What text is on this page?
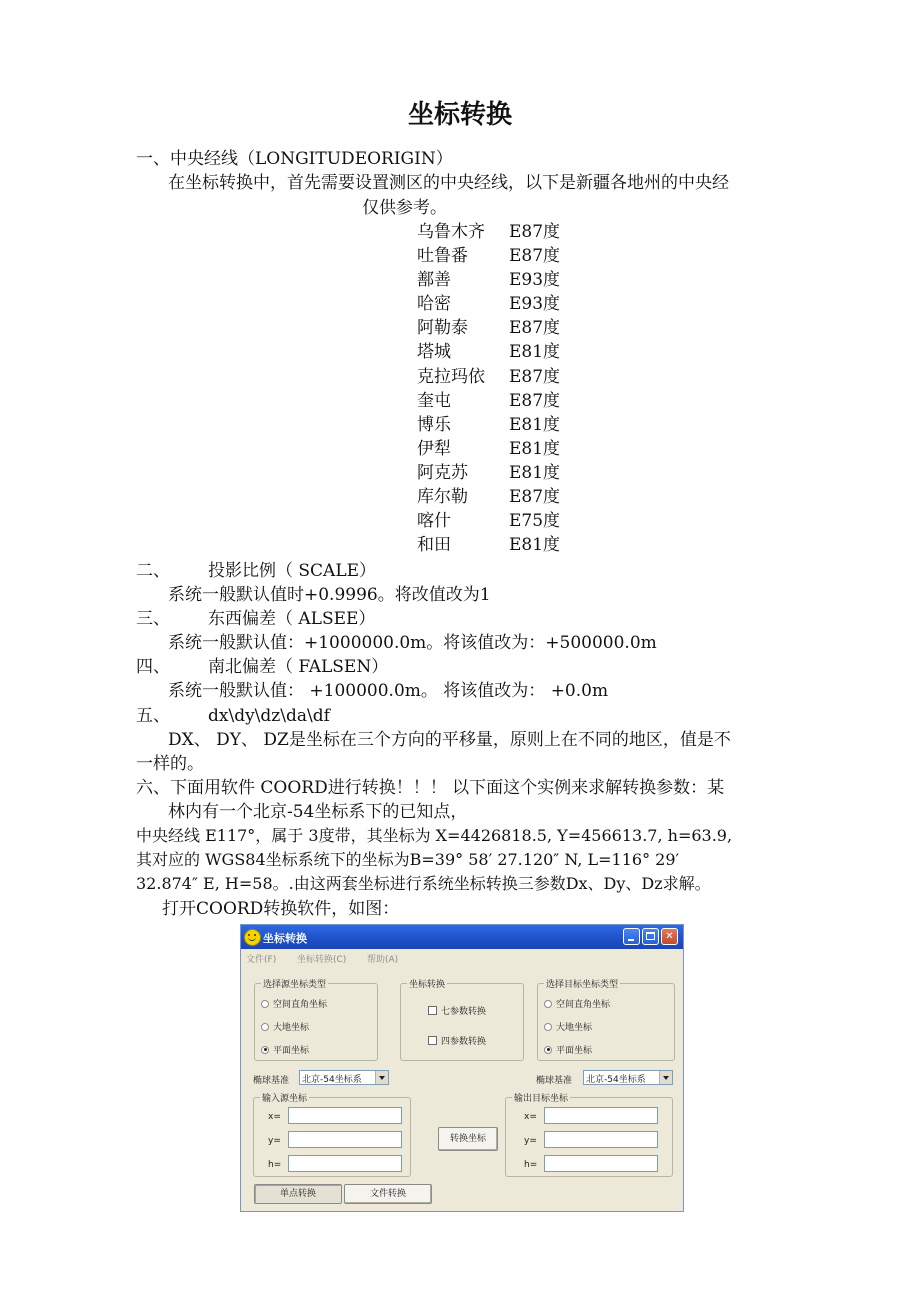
坐标转换
一、中央经线（LONGITUDEORIGIN）
在坐标转换中，首先需要设置测区的中央经线，以下是新疆各地州的中央经
仅供参考。
乌鲁木齐	E87度
吐鲁番	E87度
鄯善	E93度
哈密	E93度
阿勒泰	E87度
塔城	E81度
克拉玛依	E87度
奎屯	E87度
博乐	E81度
伊犁	E81度
阿克苏	E81度
库尔勒	E87度
喀什	E75度
和田	E81度
二、 投影比例（ SCALE）
系统一般默认值时+0.9996。将改值改为1
三、 东西偏差（ ALSEE）
系统一般默认值：+1000000.0m。将该值改为：+500000.0m
四、 南北偏差（ FALSEN）
系统一般默认值： +100000.0m。 将该值改为： +0.0m
五、 dx\dy\dz\da\df
DX、 DY、 DZ是坐标在三个方向的平移量，原则上在不同的地区，值是不
一样的。
六、下面用软件 COORD进行转换！！！ 以下面这个实例来求解转换参数：某
林内有一个北京-54坐标系下的已知点，
中央经线 E117°，属于 3度带，其坐标为 X=4426818.5, Y=456613.7, h=63.9,
其对应的 WGS84坐标系统下的坐标为B=39° 58′ 27.120″ N, L=116° 29′
32.874″ E, H=58。.由这两套坐标进行系统坐标转换三参数Dx、Dy、Dz求解。
打开COORD转换软件，如图：
坐标转换	✕
文件(F) 坐标转换(C) 帮助(A)
选择源坐标类型
空间直角坐标
大地坐标
平面坐标
坐标转换
七参数转换
四参数转换
选择目标坐标类型
空间直角坐标
大地坐标
平面坐标
椭球基准 北京-54坐标系	椭球基准 北京-54坐标系
输入源坐标
x=
y=
h=
转换坐标
输出目标坐标
x=
y=
h=
单点转换	文件转换
